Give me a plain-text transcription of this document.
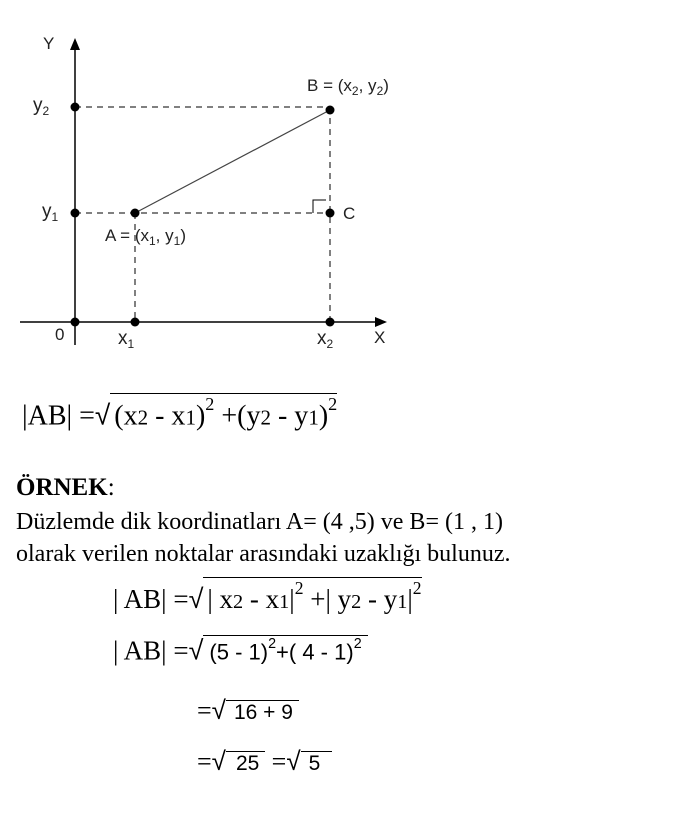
Y
X
0
$y_2$
$y_1$
$x_1$	$x_2$
$B = (x_2$, $y_2$)
$A = (x_1$, $y_1$)
C
|AB| =√ (x2 - x1)$^2$ +(y2 - y1)$^2$
ÖRNEK:
Düzlemde dik koordinatları A= (4 ,5) ve B= (1 , 1)
olarak verilen noktalar arasındaki uzaklığı bulunuz.
| AB| =√ | $x2 - x1|^2$ +| $y2 - y1|^2$
| AB| =√ (5 - 1)$^2$+( 4 - 1)$^2$
=√ 16 + 9
=√ 25 =√ 5
